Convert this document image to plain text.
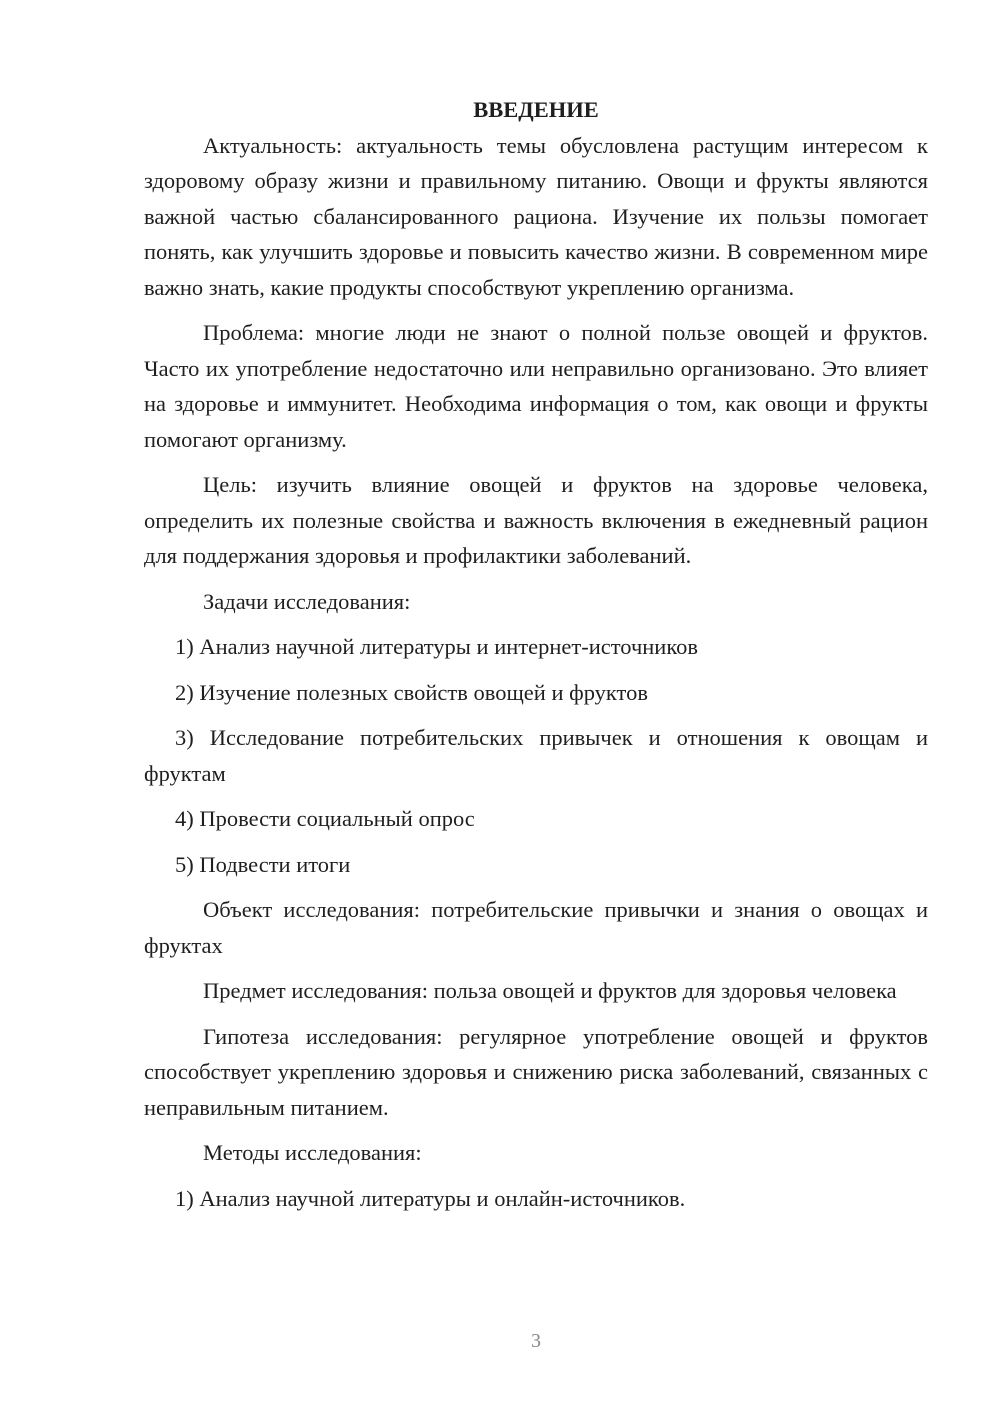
ВВЕДЕНИЕ

Актуальность: актуальность темы обусловлена растущим интересом к здоровому образу жизни и правильному питанию. Овощи и фрукты являются важной частью сбалансированного рациона. Изучение их пользы помогает понять, как улучшить здоровье и повысить качество жизни. В современном мире важно знать, какие продукты способствуют укреплению организма.

Проблема: многие люди не знают о полной пользе овощей и фруктов. Часто их употребление недостаточно или неправильно организовано. Это влияет на здоровье и иммунитет. Необходима информация о том, как овощи и фрукты помогают организму.

Цель: изучить влияние овощей и фруктов на здоровье человека, определить их полезные свойства и важность включения в ежедневный рацион для поддержания здоровья и профилактики заболеваний.

Задачи исследования:

1) Анализ научной литературы и интернет-источников

2) Изучение полезных свойств овощей и фруктов

3) Исследование потребительских привычек и отношения к овощам и фруктам

4) Провести социальный опрос

5) Подвести итоги

Объект исследования: потребительские привычки и знания о овощах и фруктах

Предмет исследования: польза овощей и фруктов для здоровья человека

Гипотеза исследования: регулярное употребление овощей и фруктов способствует укреплению здоровья и снижению риска заболеваний, связанных с неправильным питанием.

Методы исследования:

1) Анализ научной литературы и онлайн-источников.

3
